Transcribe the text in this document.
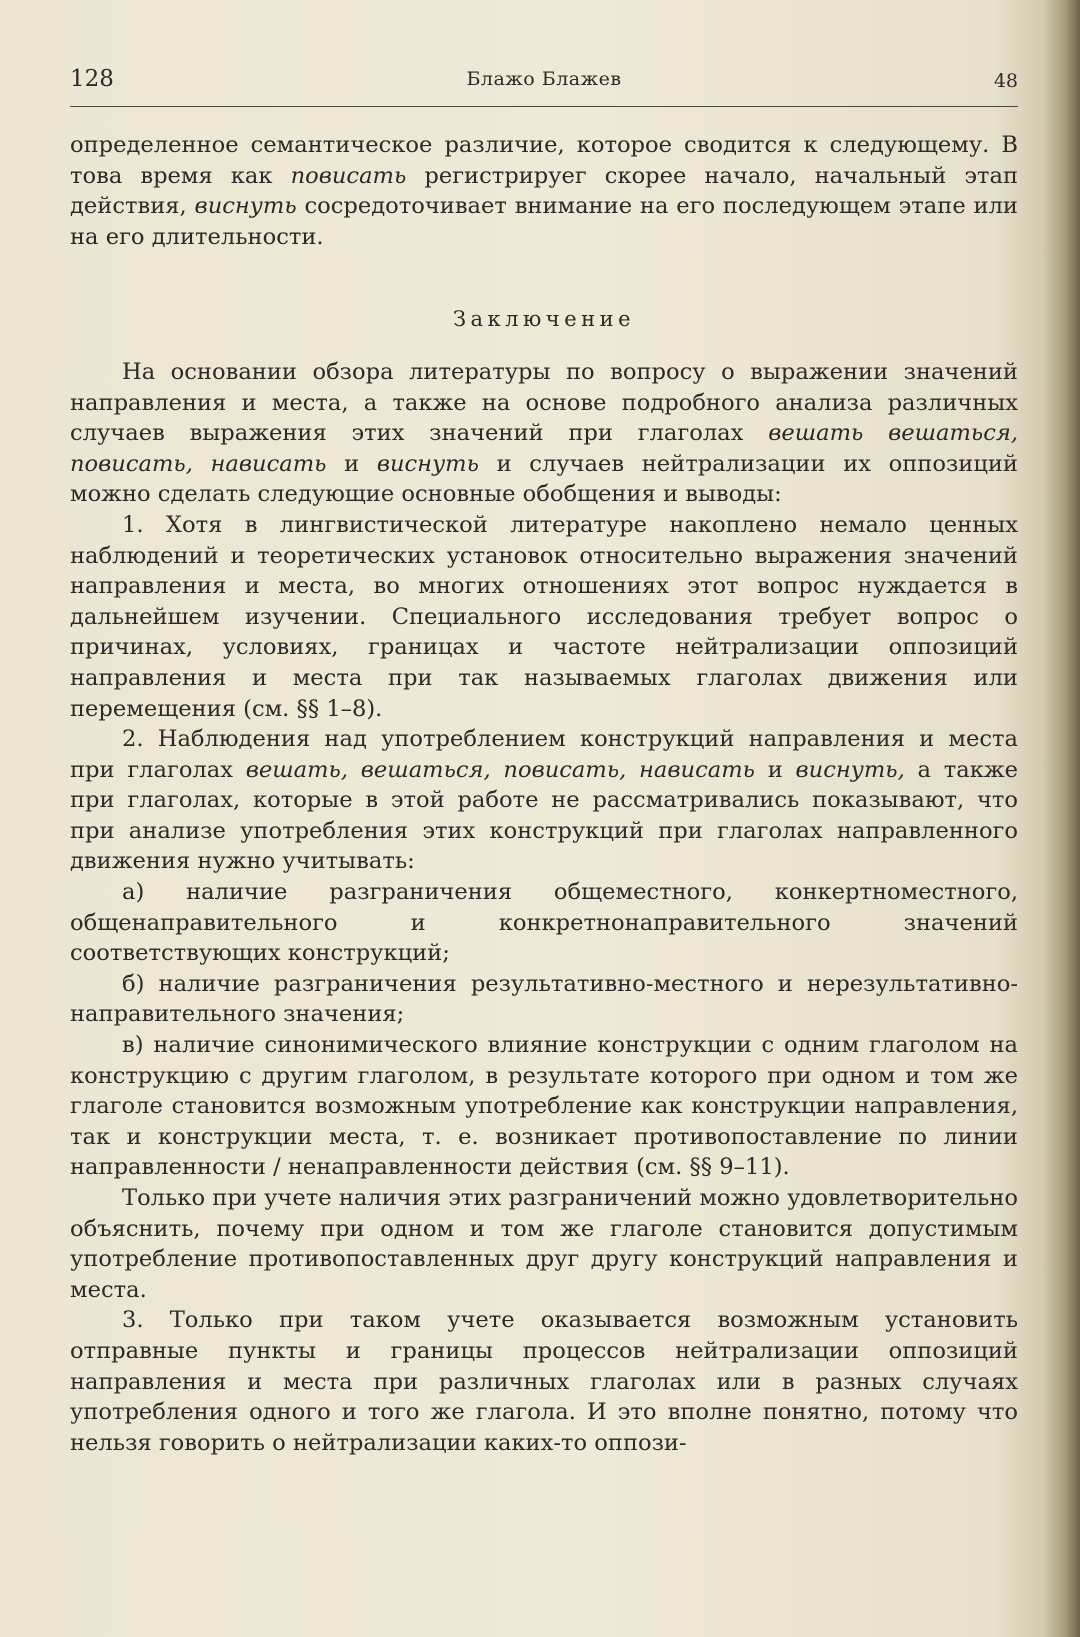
128	Блажо Блажев	48

определенное семантическое различие, которое сводится к следующему. В това время как повисать регистрируег скорее начало, начальный этап действия, виснуть сосредоточивает внимание на его последующем этапе или на его длительности.

Заключение

На основании обзора литературы по вопросу о выражении значений направления и места, а также на основе подробного анализа различных случаев выражения этих значений при глаголах вешать вешаться, повисать, нависать и виснуть и случаев нейтрализации их оппозиций можно сделать следующие основные обобщения и выводы:

1. Хотя в лингвистической литературе накоплено немало ценных наблюдений и теоретических установок относительно выражения значений направления и места, во многих отношениях этот вопрос нуждается в дальнейшем изучении. Специального исследования требует вопрос о причинах, условиях, границах и частоте нейтрализации оппозиций направления и места при так называемых глаголах движения или перемещения (см. §§ 1–8).

2. Наблюдения над употреблением конструкций направления и места при глаголах вешать, вешаться, повисать, нависать и виснуть, а также при глаголах, которые в этой работе не рассматривались показывают, что при анализе употребления этих конструкций при глаголах направленного движения нужно учитывать:

а) наличие разграничения общеместного, конкертноместного, общенаправительного и конкретнонаправительного значений соответствующих конструкций;

б) наличие разграничения результативно-местного и нерезультативно-направительного значения;

в) наличие синонимического влияние конструкции с одним глаголом на конструкцию с другим глаголом, в результате которого при одном и том же глаголе становится возможным употребление как конструкции направления, так и конструкции места, т. е. возникает противопоставление по линии направленности / ненаправленности действия (см. §§ 9–11).

Только при учете наличия этих разграничений можно удовлетворительно объяснить, почему при одном и том же глаголе становится допустимым употребление противопоставленных друг другу конструкций направления и места.

3. Только при таком учете оказывается возможным установить отправные пункты и границы процессов нейтрализации оппозиций направления и места при различных глаголах или в разных случаях употребления одного и того же глагола. И это вполне понятно, потому что нельзя говорить о нейтрализации каких-то оппози-
